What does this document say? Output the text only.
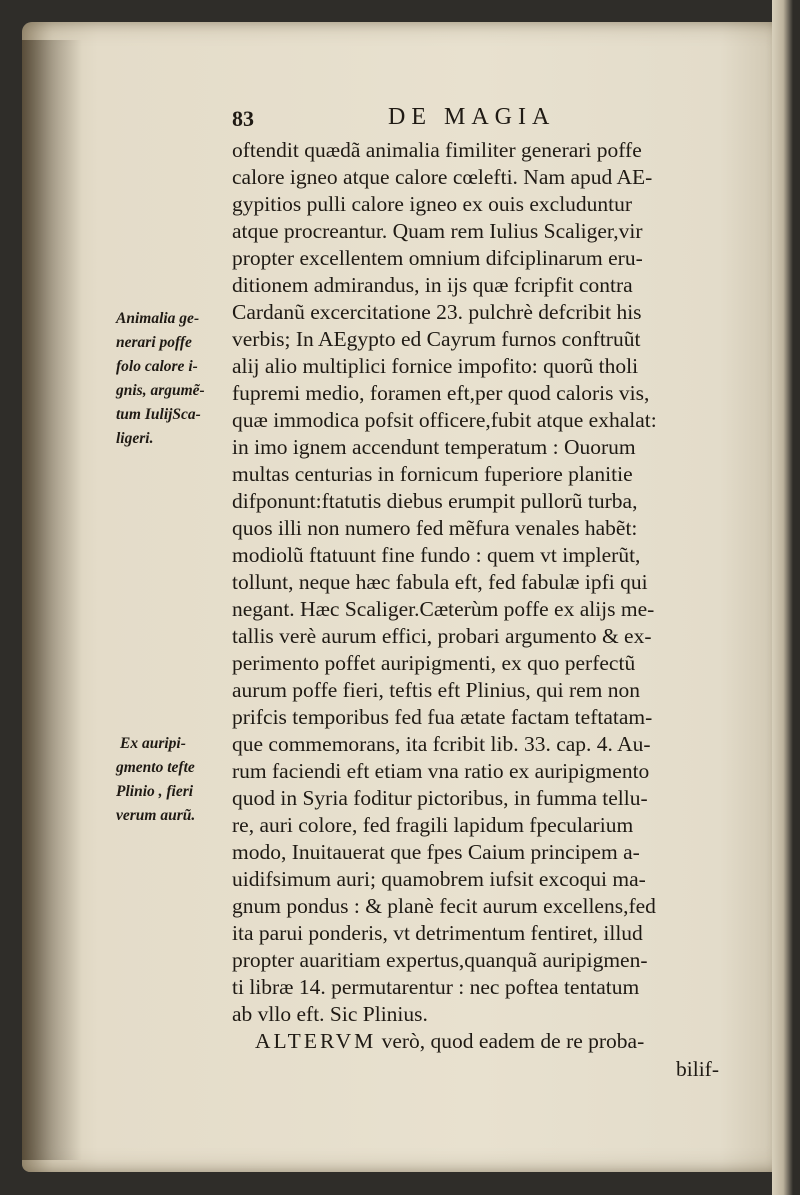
83	DE MAGIA
oftendit quædã animalia fimiliter generari poffe
calore igneo atque calore cœlefti. Nam apud AE-
gypitios pulli calore igneo ex ouis excluduntur
atque procreantur. Quam rem Iulius Scaliger,vir
propter excellentem omnium difciplinarum eru-
ditionem admirandus, in ijs quæ fcripfit contra
Cardanũ excercitatione 23. pulchrè defcribit his
verbis; In AEgypto ed Cayrum furnos conftruũt
alij alio multiplici fornice impofito: quorũ tholi
fupremi medio, foramen eft,per quod caloris vis,
quæ immodica pofsit officere,fubit atque exhalat:
in imo ignem accendunt temperatum : Ouorum
multas centurias in fornicum fuperiore planitie
difponunt:ftatutis diebus erumpit pullorũ turba,
quos illi non numero fed mẽfura venales habẽt:
modiolũ ftatuunt fine fundo : quem vt implerũt,
tollunt, neque hæc fabula eft, fed fabulæ ipfi qui
negant. Hæc Scaliger.Cæterùm poffe ex alijs me-
tallis verè aurum effici, probari argumento & ex-
perimento poffet auripigmenti, ex quo perfectũ
aurum poffe fieri, teftis eft Plinius, qui rem non
prifcis temporibus fed fua ætate factam teftatam-
que commemorans, ita fcribit lib. 33. cap. 4. Au-
rum faciendi eft etiam vna ratio ex auripigmento
quod in Syria foditur pictoribus, in fumma tellu-
re, auri colore, fed fragili lapidum fpecularium
modo, Inuitauerat que fpes Caium principem a-
uidifsimum auri; quamobrem iufsit excoqui ma-
gnum pondus : & planè fecit aurum excellens,fed
ita parui ponderis, vt detrimentum fentiret, illud
propter auaritiam expertus,quanquã auripigmen-
ti libræ 14. permutarentur : nec poftea tentatum
ab vllo eft. Sic Plinius.
ALTERVM verò, quod eadem de re proba-
bilif-
Animalia ge-
nerari poffe
folo calore i-
gnis, argumẽ-
tum IulijSca-
ligeri.
Ex auripi-
gmento tefte
Plinio , fieri
verum aurũ.
